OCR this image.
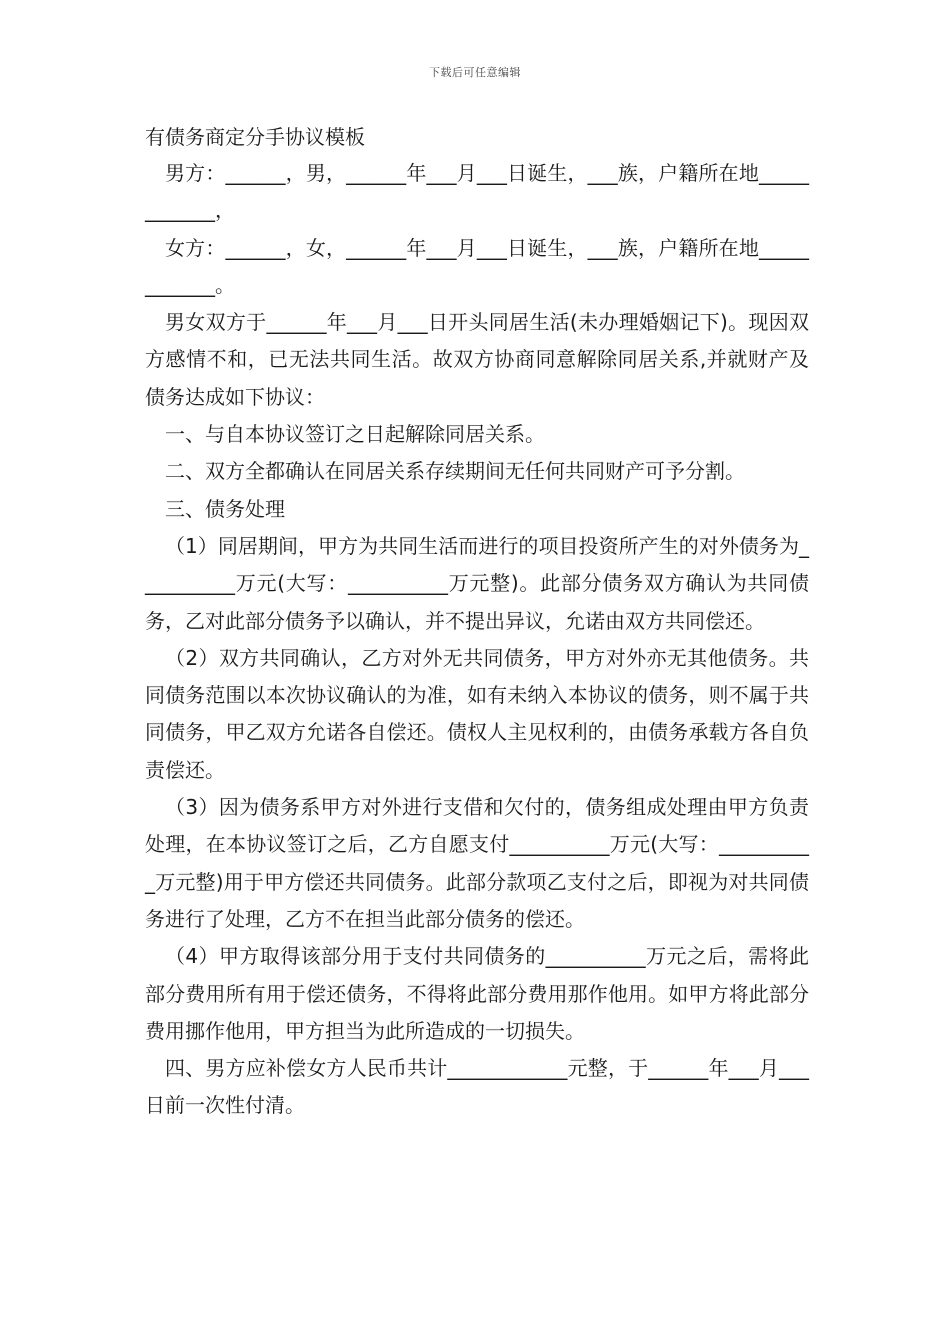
下载后可任意编辑
有债务商定分手协议模板

男方：______，男，______年___月___日诞生，___族，户籍所在地____________，

女方：______，女，______年___月___日诞生，___族，户籍所在地____________。

男女双方于______年___月___日开头同居生活(未办理婚姻记下)。现因双方感情不和，已无法共同生活。故双方协商同意解除同居关系,并就财产及债务达成如下协议：

一、与自本协议签订之日起解除同居关系。

二、双方全都确认在同居关系存续期间无任何共同财产可予分割。

三、债务处理

（1）同居期间，甲方为共同生活而进行的项目投资所产生的对外债务为__________万元(大写：__________万元整)。此部分债务双方确认为共同债务，乙对此部分债务予以确认，并不提出异议，允诺由双方共同偿还。

（2）双方共同确认，乙方对外无共同债务，甲方对外亦无其他债务。共同债务范围以本次协议确认的为准，如有未纳入本协议的债务，则不属于共同债务，甲乙双方允诺各自偿还。债权人主见权利的，由债务承载方各自负责偿还。

（3）因为债务系甲方对外进行支借和欠付的，债务组成处理由甲方负责处理，在本协议签订之后，乙方自愿支付__________万元(大写：__________万元整)用于甲方偿还共同债务。此部分款项乙支付之后，即视为对共同债务进行了处理，乙方不在担当此部分债务的偿还。

（4）甲方取得该部分用于支付共同债务的__________万元之后，需将此部分费用所有用于偿还债务，不得将此部分费用那作他用。如甲方将此部分费用挪作他用，甲方担当为此所造成的一切损失。

四、男方应补偿女方人民币共计____________元整，于______年___月___日前一次性付清。
